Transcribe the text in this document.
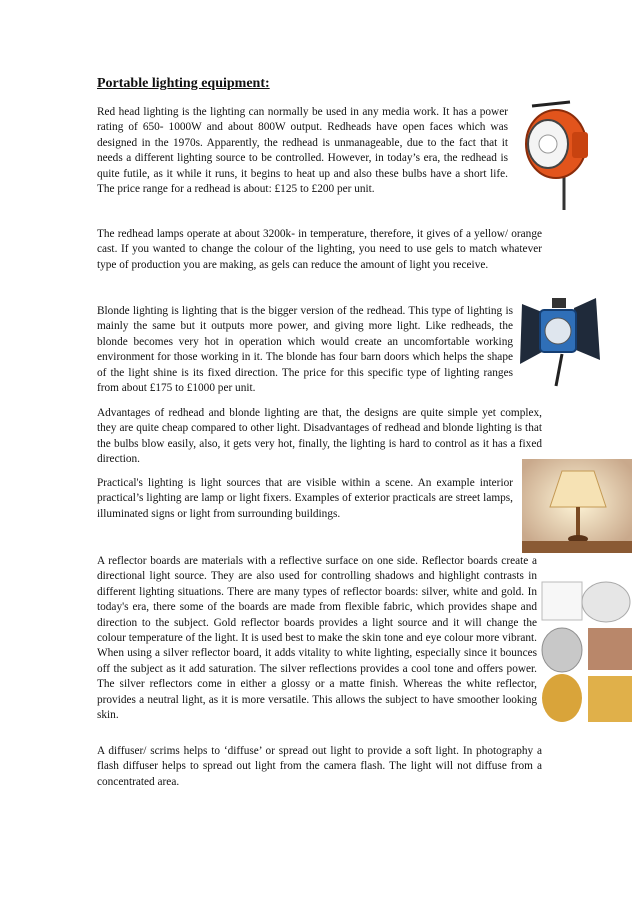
Portable lighting equipment:

Red head lighting is the lighting can normally be used in any media work. It has a power rating of 650- 1000W and about 800W output. Redheads have open faces which was designed in the 1970s. Apparently, the redhead is unmanageable, due to the fact that it needs a different lighting source to be controlled. However, in today’s era, the redhead is quite futile, as it while it runs, it begins to heat up and also these bulbs have a short life. The price range for a redhead is about: £125 to £200 per unit.

The redhead lamps operate at about 3200k- in temperature, therefore, it gives of a yellow/ orange cast. If you wanted to change the colour of the lighting, you need to use gels to match whatever type of production you are making, as gels can reduce the amount of light you receive.

Blonde lighting is lighting that is the bigger version of the redhead. This type of lighting is mainly the same but it outputs more power, and giving more light. Like redheads, the blonde becomes very hot in operation which would create an uncomfortable working environment for those working in it. The blonde has four barn doors which helps the shape of the light shine is its fixed direction. The price for this specific type of lighting ranges from about £175 to £1000 per unit.

Advantages of redhead and blonde lighting are that, the designs are quite simple yet complex, they are quite cheap compared to other light. Disadvantages of redhead and blonde lighting is that the bulbs blow easily, also, it gets very hot, finally, the lighting is hard to control as it has a fixed direction.

Practical's lighting is light sources that are visible within a scene. An example interior practical’s lighting are lamp or light fixers. Examples of exterior practicals are street lamps, illuminated signs or light from surrounding buildings.

A reflector boards are materials with a reflective surface on one side. Reflector boards create a directional light source. They are also used for controlling shadows and highlight contrasts in different lighting situations. There are many types of reflector boards: silver, white and gold. In today's era, there some of the boards are made from flexible fabric, which provides shape and direction to the subject. Gold reflector boards provides a light source and it will change the colour temperature of the light. It is used best to make the skin tone and eye colour more vibrant. When using a silver reflector board, it adds vitality to white lighting, especially since it bounces off the subject as it add saturation. The silver reflections provides a cool tone and offers power. The silver reflectors come in either a glossy or a matte finish. Whereas the white reflector, provides a neutral light, as it is more versatile. This allows the subject to have smoother looking skin.

A diffuser/ scrims helps to ‘diffuse’ or spread out light to provide a soft light. In photography a flash diffuser helps to spread out light from the camera flash. The light will not diffuse from a concentrated area.
